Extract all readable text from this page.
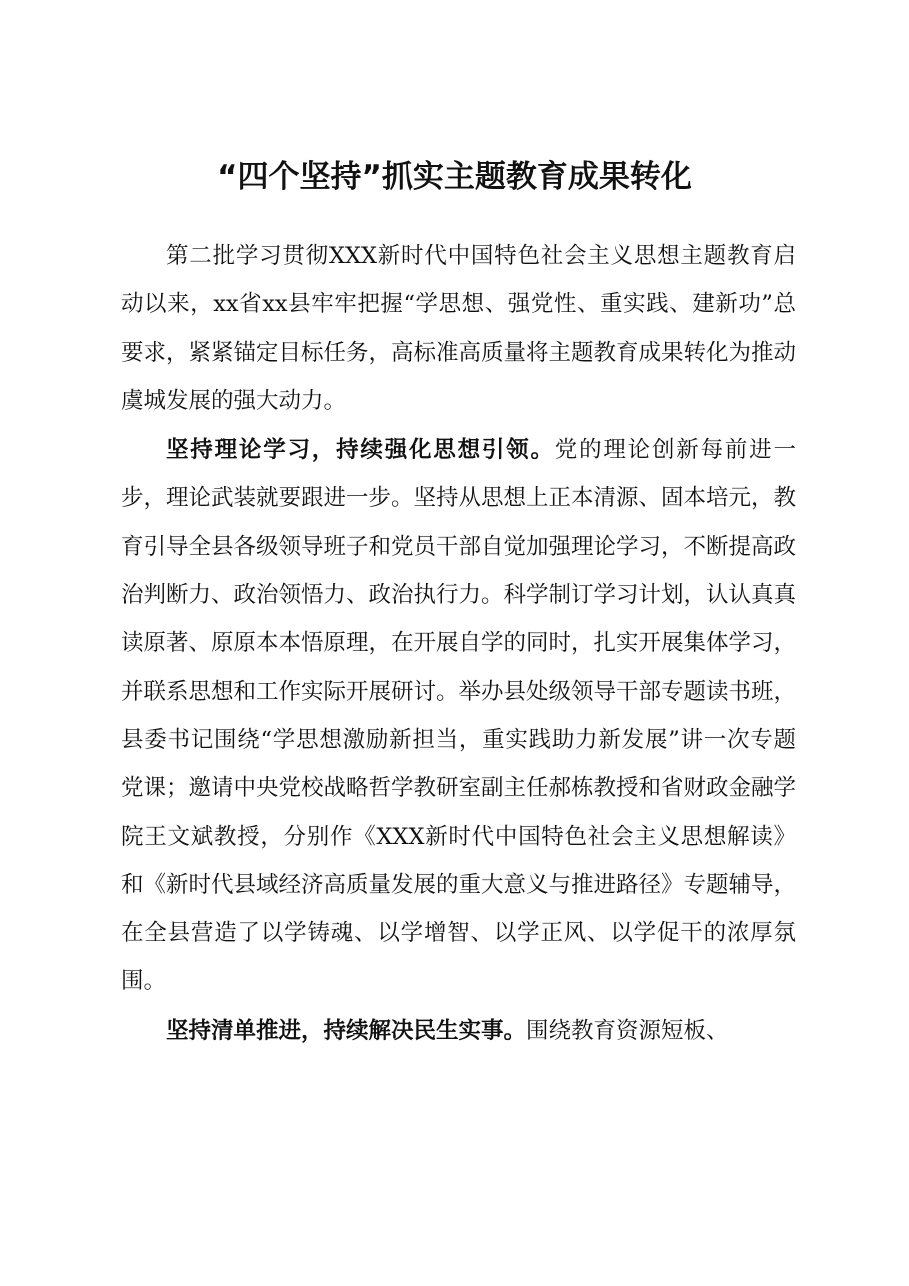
“四个坚持”抓实主题教育成果转化

第二批学习贯彻XXX新时代中国特色社会主义思想主题教育启动以来，xx省xx县牢牢把握“学思想、强党性、重实践、建新功”总要求，紧紧锚定目标任务，高标准高质量将主题教育成果转化为推动虞城发展的强大动力。

坚持理论学习，持续强化思想引领。党的理论创新每前进一步，理论武装就要跟进一步。坚持从思想上正本清源、固本培元，教育引导全县各级领导班子和党员干部自觉加强理论学习，不断提高政治判断力、政治领悟力、政治执行力。科学制订学习计划，认认真真读原著、原原本本悟原理，在开展自学的同时，扎实开展集体学习，并联系思想和工作实际开展研讨。举办县处级领导干部专题读书班，县委书记围绕“学思想激励新担当，重实践助力新发展”讲一次专题党课；邀请中央党校战略哲学教研室副主任郝栋教授和省财政金融学院王文斌教授，分别作《XXX新时代中国特色社会主义思想解读》和《新时代县域经济高质量发展的重大意义与推进路径》专题辅导，在全县营造了以学铸魂、以学增智、以学正风、以学促干的浓厚氛围。

坚持清单推进，持续解决民生实事。围绕教育资源短板、
